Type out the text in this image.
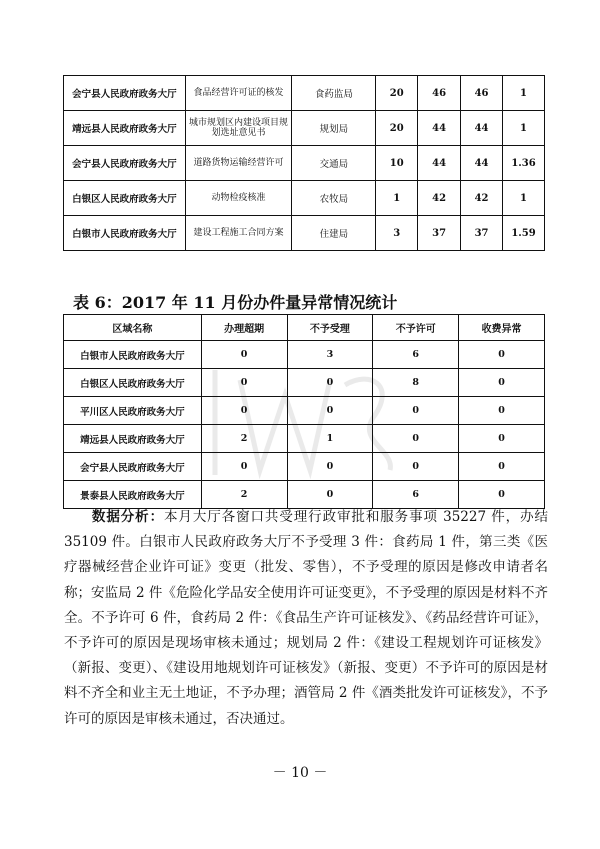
会宁县人民政府政务大厅	食品经营许可证的核发	食药监局	20	46	46	1
靖远县人民政府政务大厅	城市规划区内建设项目规划选址意见书	规划局	20	44	44	1
会宁县人民政府政务大厅	道路货物运输经营许可	交通局	10	44	44	1.36
白银区人民政府政务大厅	动物检疫核准	农牧局	1	42	42	1
白银市人民政府政务大厅	建设工程施工合同方案	住建局	3	37	37	1.59
表 6：2017 年 11 月份办件量异常情况统计
区域名称	办理超期	不予受理	不予许可	收费异常
白银市人民政府政务大厅	0	3	6	0
白银区人民政府政务大厅	0	0	8	0
平川区人民政府政务大厅	0	0	0	0
靖远县人民政府政务大厅	2	1	0	0
会宁县人民政府政务大厅	0	0	0	0
景泰县人民政府政务大厅	2	0	6	0

数据分析：本月大厅各窗口共受理行政审批和服务事项 35227 件，办结 35109 件。白银市人民政府政务大厅不予受理 3 件：食药局 1 件，第三类《医疗器械经营企业许可证》变更（批发、零售），不予受理的原因是修改申请者名称；安监局 2 件《危险化学品安全使用许可证变更》，不予受理的原因是材料不齐全。不予许可 6 件，食药局 2 件：《食品生产许可证核发》、《药品经营许可证》，不予许可的原因是现场审核未通过；规划局 2 件：《建设工程规划许可证核发》（新报、变更）、《建设用地规划许可证核发》（新报、变更）不予许可的原因是材料不齐全和业主无土地证，不予办理；酒管局 2 件《酒类批发许可证核发》，不予许可的原因是审核未通过，否决通过。

－ 10 －
